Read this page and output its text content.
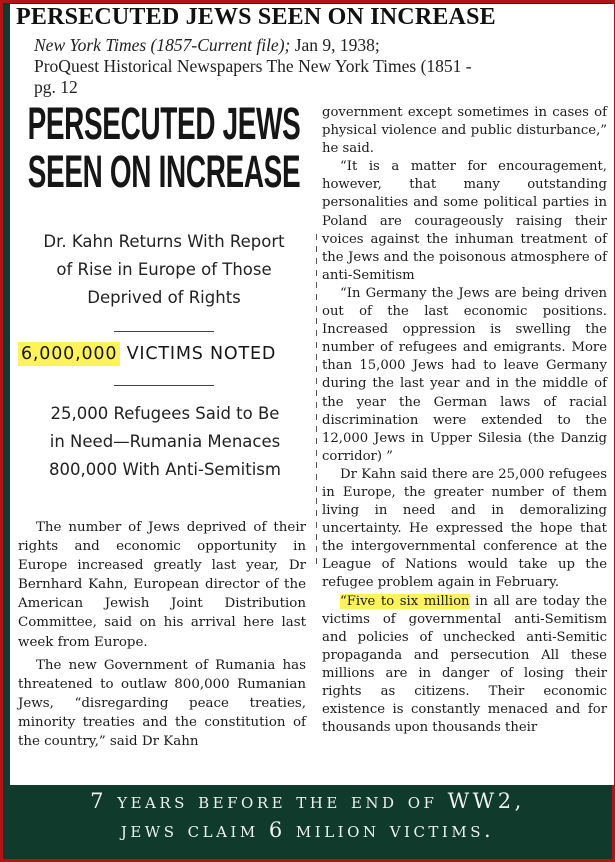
PERSECUTED JEWS SEEN ON INCREASE
New York Times (1857-Current file); Jan 9, 1938;
ProQuest Historical Newspapers The New York Times (1851 -
pg. 12
PERSECUTED JEWS
SEEN ON INCREASE
Dr. Kahn Returns With Report
of Rise in Europe of Those
Deprived of Rights
6,000,000 VICTIMS NOTED
25,000 Refugees Said to Be
in Need—Rumania Menaces
800,000 With Anti-Semitism

The number of Jews deprived of their rights and economic opportunity in Europe increased greatly last year, Dr Bernhard Kahn, European director of the American Jewish Joint Distribution Committee, said on his arrival here last week from Europe.

The new Government of Rumania has threatened to outlaw 800,000 Rumanian Jews, “disregarding peace treaties, minority treaties and the constitution of the country,” said Dr Kahn

government except sometimes in cases of physical violence and public disturbance,” he said.

“It is a matter for encouragement, however, that many outstanding personalities and some political parties in Poland are courageously raising their voices against the inhuman treatment of the Jews and the poisonous atmosphere of anti-Semitism

“In Germany the Jews are being driven out of the last economic positions. Increased oppression is swelling the number of refugees and emigrants. More than 15,000 Jews had to leave Germany during the last year and in the middle of the year the German laws of racial discrimination were extended to the 12,000 Jews in Upper Silesia (the Danzig corridor) ”

Dr Kahn said there are 25,000 refugees in Europe, the greater number of them living in need and in demoralizing uncertainty. He expressed the hope that the intergovernmental conference at the League of Nations would take up the refugee problem again in February.

“Five to six million in all are today the victims of governmental anti-Semitism and policies of unchecked anti-Semitic propaganda and persecution All these millions are in danger of losing their rights as citizens. Their economic existence is constantly menaced and for thousands upon thousands their

7 years before the end of WW2,
jews claim 6 milion victims.
